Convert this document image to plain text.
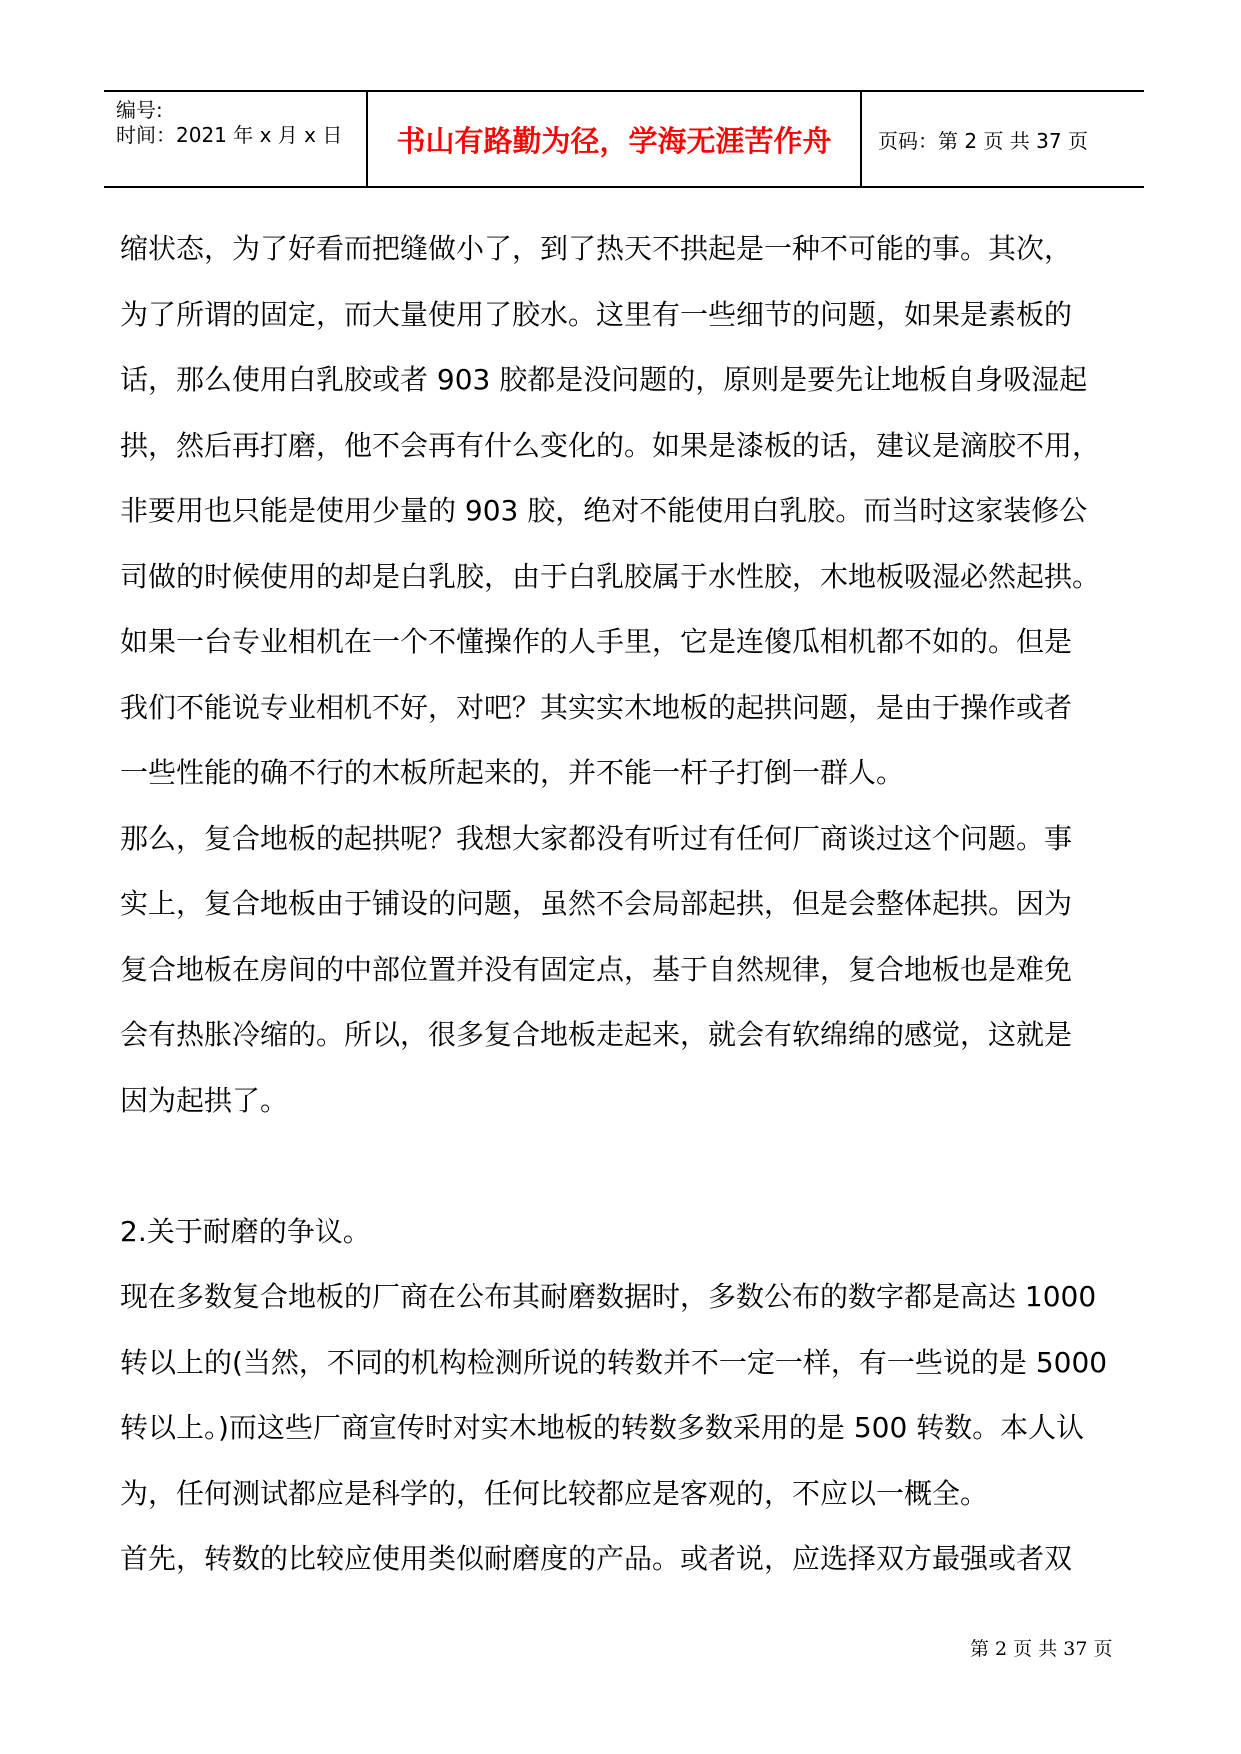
编号:
时间：2021 年 x 月 x 日	书山有路勤为径，学海无涯苦作舟	页码：第 2 页 共 37 页
缩状态，为了好看而把缝做小了，到了热天不拱起是一种不可能的事。其次，
为了所谓的固定，而大量使用了胶水。这里有一些细节的问题，如果是素板的
话，那么使用白乳胶或者 903 胶都是没问题的，原则是要先让地板自身吸湿起
拱，然后再打磨，他不会再有什么变化的。如果是漆板的话，建议是滴胶不用，
非要用也只能是使用少量的 903 胶，绝对不能使用白乳胶。而当时这家装修公
司做的时候使用的却是白乳胶，由于白乳胶属于水性胶，木地板吸湿必然起拱。
如果一台专业相机在一个不懂操作的人手里，它是连傻瓜相机都不如的。但是
我们不能说专业相机不好，对吧？其实实木地板的起拱问题，是由于操作或者
一些性能的确不行的木板所起来的，并不能一杆子打倒一群人。
那么，复合地板的起拱呢？我想大家都没有听过有任何厂商谈过这个问题。事
实上，复合地板由于铺设的问题，虽然不会局部起拱，但是会整体起拱。因为
复合地板在房间的中部位置并没有固定点，基于自然规律，复合地板也是难免
会有热胀冷缩的。所以，很多复合地板走起来，就会有软绵绵的感觉，这就是
因为起拱了。
2.关于耐磨的争议。
现在多数复合地板的厂商在公布其耐磨数据时，多数公布的数字都是高达 1000
转以上的(当然，不同的机构检测所说的转数并不一定一样，有一些说的是 5000
转以上。)而这些厂商宣传时对实木地板的转数多数采用的是 500 转数。本人认
为，任何测试都应是科学的，任何比较都应是客观的，不应以一概全。
首先，转数的比较应使用类似耐磨度的产品。或者说，应选择双方最强或者双
第 2 页 共 37 页
